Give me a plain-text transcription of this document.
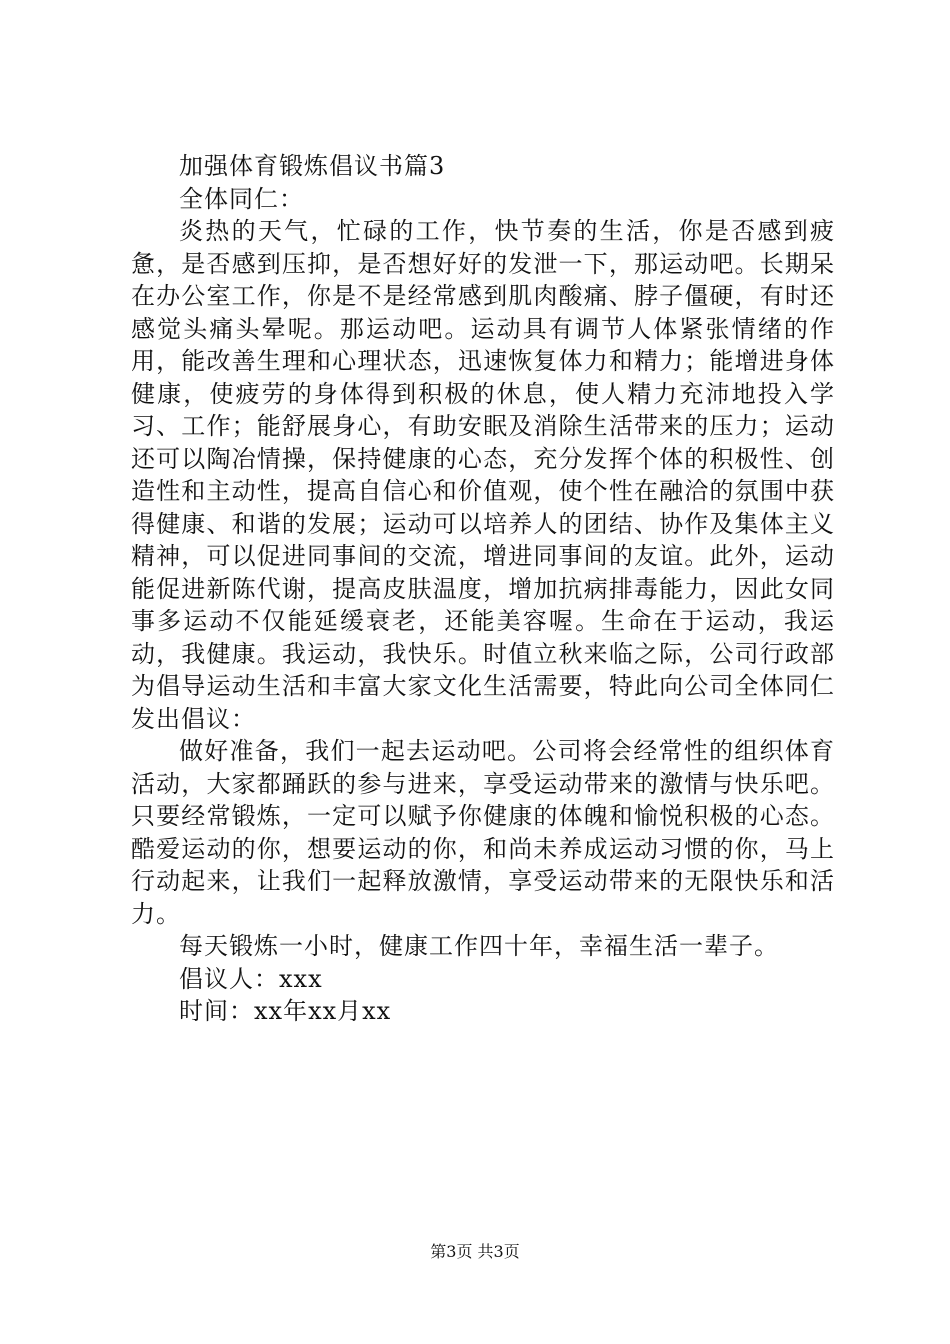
加强体育锻炼倡议书篇3

全体同仁：

炎热的天气，忙碌的工作，快节奏的生活，你是否感到疲惫，是否感到压抑，是否想好好的发泄一下，那运动吧。长期呆在办公室工作，你是不是经常感到肌肉酸痛、脖子僵硬，有时还感觉头痛头晕呢。那运动吧。运动具有调节人体紧张情绪的作用，能改善生理和心理状态，迅速恢复体力和精力；能增进身体健康，使疲劳的身体得到积极的休息，使人精力充沛地投入学习、工作；能舒展身心，有助安眠及消除生活带来的压力；运动还可以陶冶情操，保持健康的心态，充分发挥个体的积极性、创造性和主动性，提高自信心和价值观，使个性在融洽的氛围中获得健康、和谐的发展；运动可以培养人的团结、协作及集体主义精神，可以促进同事间的交流，增进同事间的友谊。此外，运动能促进新陈代谢，提高皮肤温度，增加抗病排毒能力，因此女同事多运动不仅能延缓衰老，还能美容喔。生命在于运动，我运动，我健康。我运动，我快乐。时值立秋来临之际，公司行政部为倡导运动生活和丰富大家文化生活需要，特此向公司全体同仁发出倡议：

做好准备，我们一起去运动吧。公司将会经常性的组织体育活动，大家都踊跃的参与进来，享受运动带来的激情与快乐吧。只要经常锻炼，一定可以赋予你健康的体魄和愉悦积极的心态。酷爱运动的你，想要运动的你，和尚未养成运动习惯的你，马上行动起来，让我们一起释放激情，享受运动带来的无限快乐和活力。

每天锻炼一小时，健康工作四十年，幸福生活一辈子。

倡议人：xxx

时间：xx年xx月xx

第3页 共3页
